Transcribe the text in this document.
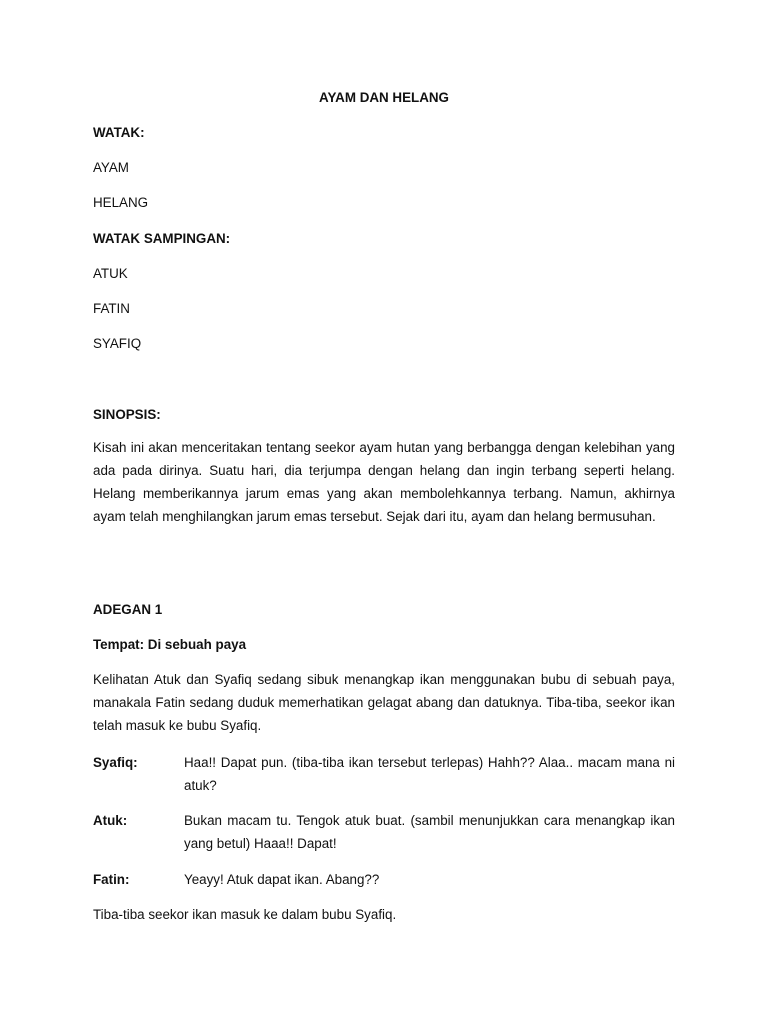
AYAM DAN HELANG
WATAK:
AYAM
HELANG
WATAK SAMPINGAN:
ATUK
FATIN
SYAFIQ
SINOPSIS:
Kisah ini akan menceritakan tentang seekor ayam hutan yang berbangga dengan kelebihan yang ada pada dirinya. Suatu hari, dia terjumpa dengan helang dan ingin terbang seperti helang. Helang memberikannya jarum emas yang akan membolehkannya terbang. Namun, akhirnya ayam telah menghilangkan jarum emas tersebut. Sejak dari itu, ayam dan helang bermusuhan.
ADEGAN 1
Tempat: Di sebuah paya
Kelihatan Atuk dan Syafiq sedang sibuk menangkap ikan menggunakan bubu di sebuah paya, manakala Fatin sedang duduk memerhatikan gelagat abang dan datuknya. Tiba-tiba, seekor ikan telah masuk ke bubu Syafiq.
Syafiq:	Haa!! Dapat pun. (tiba-tiba ikan tersebut terlepas) Hahh?? Alaa.. macam mana ni atuk?
Atuk:	Bukan macam tu. Tengok atuk buat. (sambil menunjukkan cara menangkap ikan yang betul) Haaa!! Dapat!
Fatin:	Yeayy! Atuk dapat ikan. Abang??
Tiba-tiba seekor ikan masuk ke dalam bubu Syafiq.
